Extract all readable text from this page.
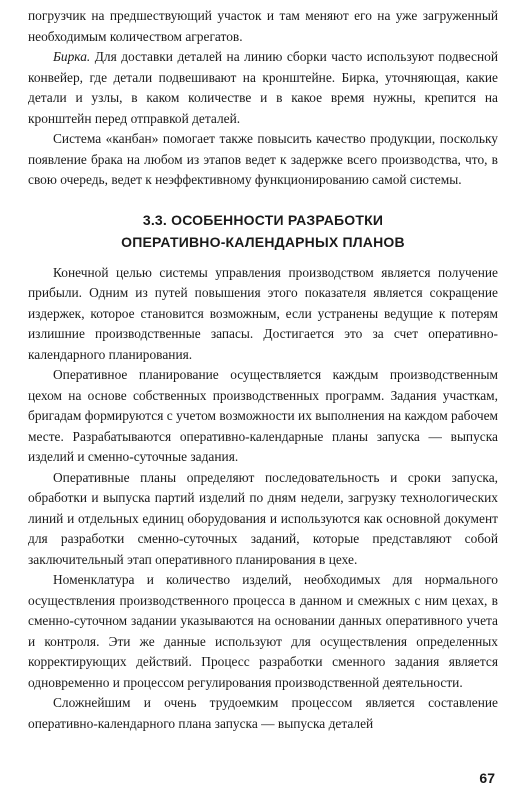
погрузчик на предшествующий участок и там меняют его на уже загруженный необходимым количеством агрегатов.

Бирка. Для доставки деталей на линию сборки часто используют подвесной конвейер, где детали подвешивают на кронштейне. Бирка, уточняющая, какие детали и узлы, в каком количестве и в какое время нужны, крепится на кронштейн перед отправкой деталей.

Система «канбан» помогает также повысить качество продукции, поскольку появление брака на любом из этапов ведет к задержке всего производства, что, в свою очередь, ведет к неэффективному функционированию самой системы.

3.3. ОСОБЕННОСТИ РАЗРАБОТКИ
ОПЕРАТИВНО-КАЛЕНДАРНЫХ ПЛАНОВ

Конечной целью системы управления производством является получение прибыли. Одним из путей повышения этого показателя является сокращение издержек, которое становится возможным, если устранены ведущие к потерям излишние производственные запасы. Достигается это за счет оперативно-календарного планирования.

Оперативное планирование осуществляется каждым производственным цехом на основе собственных производственных программ. Задания участкам, бригадам формируются с учетом возможности их выполнения на каждом рабочем месте. Разрабатываются оперативно-календарные планы запуска — выпуска изделий и сменно-суточные задания.

Оперативные планы определяют последовательность и сроки запуска, обработки и выпуска партий изделий по дням недели, загрузку технологических линий и отдельных единиц оборудования и используются как основной документ для разработки сменно-суточных заданий, которые представляют собой заключительный этап оперативного планирования в цехе.

Номенклатура и количество изделий, необходимых для нормального осуществления производственного процесса в данном и смежных с ним цехах, в сменно-суточном задании указываются на основании данных оперативного учета и контроля. Эти же данные используют для осуществления определенных корректирующих действий. Процесс разработки сменного задания является одновременно и процессом регулирования производственной деятельности.

Сложнейшим и очень трудоемким процессом является составление оперативно-календарного плана запуска — выпуска деталей

67
